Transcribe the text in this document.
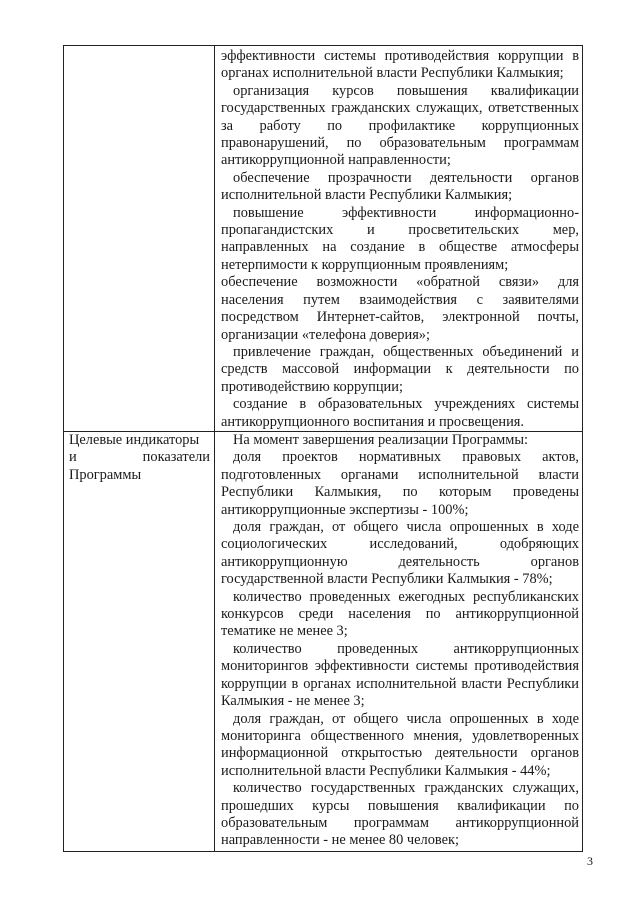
эффективности системы противодействия коррупции в органах исполнительной власти Республики Калмыкия;

организация курсов повышения квалификации государственных гражданских служащих, ответственных за работу по профилактике коррупционных правонарушений, по образовательным программам антикоррупционной направленности;

обеспечение прозрачности деятельности органов исполнительной власти Республики Калмыкия;

повышение эффективности информационно-пропагандистских и просветительских мер, направленных на создание в обществе атмосферы нетерпимости к коррупционным проявлениям;

обеспечение возможности «обратной связи» для населения путем взаимодействия с заявителями посредством Интернет-сайтов, электронной почты, организации «телефона доверия»;

привлечение граждан, общественных объединений и средств массовой информации к деятельности по противодействию коррупции;

создание в образовательных учреждениях системы антикоррупционного воспитания и просвещения.

Целевые индикаторы
и	показатели
Программы

На момент завершения реализации Программы:

доля проектов нормативных правовых актов, подготовленных органами исполнительной власти Республики Калмыкия, по которым проведены антикоррупционные экспертизы - 100%;

доля граждан, от общего числа опрошенных в ходе социологических исследований, одобряющих антикоррупционную деятельность органов государственной власти Республики Калмыкия - 78%;

количество проведенных ежегодных республиканских конкурсов среди населения по антикоррупционной тематике не менее 3;

количество проведенных антикоррупционных мониторингов эффективности системы противодействия коррупции в органах исполнительной власти Республики Калмыкия - не менее 3;

доля граждан, от общего числа опрошенных в ходе мониторинга общественного мнения, удовлетворенных информационной открытостью деятельности органов исполнительной власти Республики Калмыкия - 44%;

количество государственных гражданских служащих, прошедших курсы повышения квалификации по образовательным программам антикоррупционной направленности - не менее 80 человек;

3
